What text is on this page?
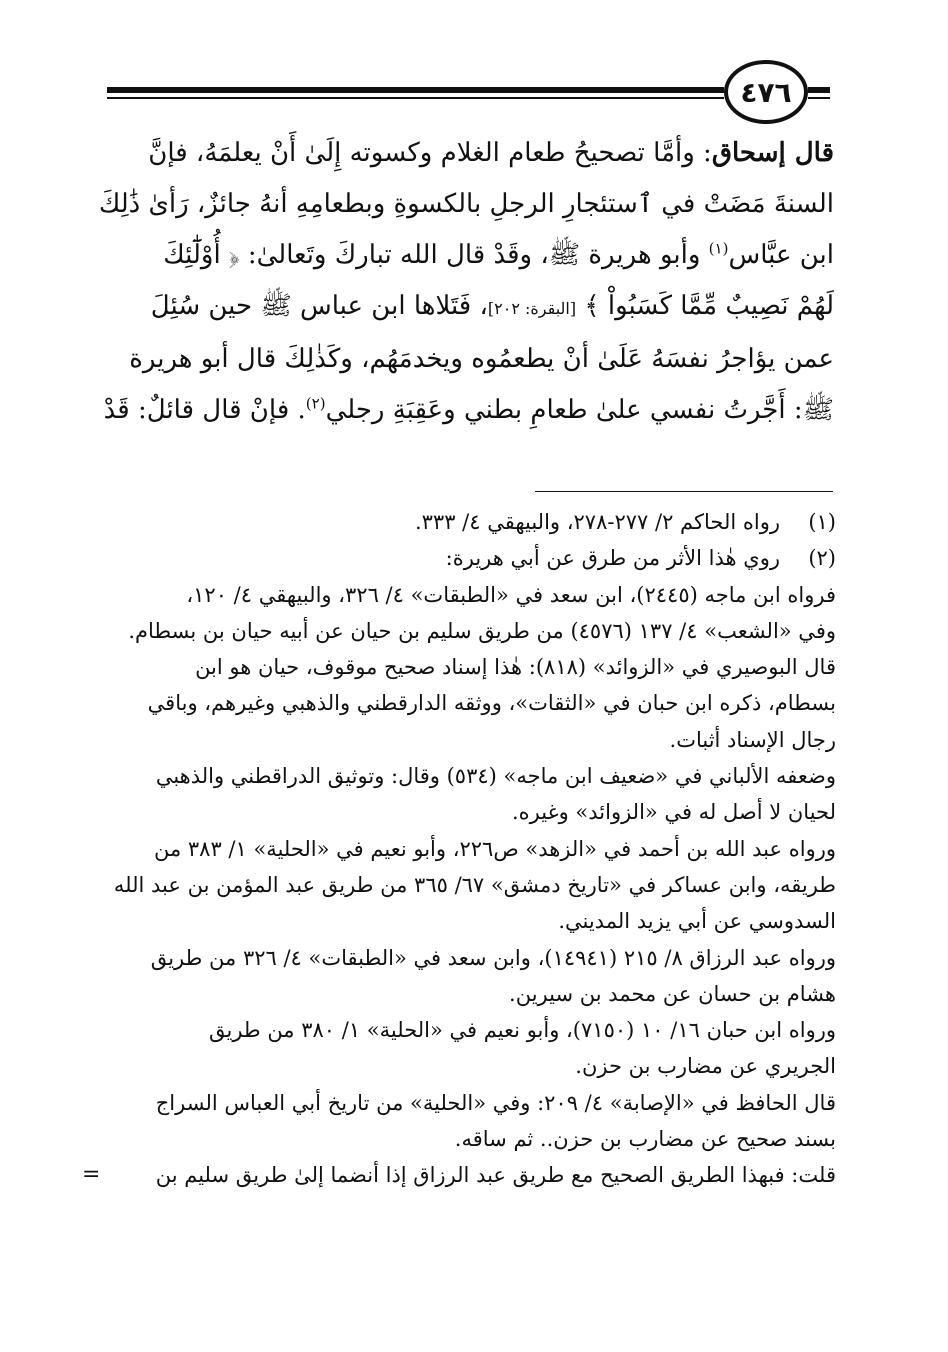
٤٧٦
قال إسحاق: وأمَّا تصحيحُ طعام الغلام وكسوته إِلَىٰ أَنْ يعلمَهُ، فإنَّ
السنةَ مَضَتْ في ٱستئجارِ الرجلِ بالكسوةِ وبطعامِهِ أنهُ جائزٌ، رَأىٰ ذَٰلِكَ
ابن عبَّاس$^{(١)}$ وأبو هريرة ﷺ، وقَدْ قال الله تباركَ وتَعالىٰ: ﴿ أُوْلَٰٓئِكَ
لَهُمْ نَصِيبٌ مِّمَّا كَسَبُواْ ﴾ [البقرة: ٢٠٢]، فَتَلاها ابن عباس ﷺ حين سُئِلَ
عمن يؤاجرُ نفسَهُ عَلَىٰ أنْ يطعمُوه ويخدمَهُم، وكَذٰلِكَ قال أبو هريرة
ﷺ: أَجَّرتُ نفسي علىٰ طعامِ بطني وعَقِبَةِ رجلي$^{(٢)}$. فإنْ قال قائلٌ: قَدْ
(١)
رواه الحاكم ٢/ ٢٧٧-٢٧٨، والبيهقي ٤/ ٣٣٣.
(٢)
روي هٰذا الأثر من طرق عن أبي هريرة:
فرواه ابن ماجه (٢٤٤٥)، ابن سعد في «الطبقات» ٤/ ٣٢٦، والبيهقي ٤/ ١٢٠،
وفي «الشعب» ٤/ ١٣٧ (٤٥٧٦) من طريق سليم بن حيان عن أبيه حيان بن بسطام.
قال البوصيري في «الزوائد» (٨١٨): هٰذا إسناد صحيح موقوف، حيان هو ابن
بسطام، ذكره ابن حبان في «الثقات»، ووثقه الدارقطني والذهبي وغيرهم، وباقي
رجال الإسناد أثبات.
وضعفه الألباني في «ضعيف ابن ماجه» (٥٣٤) وقال: وتوثيق الدراقطني والذهبي
لحيان لا أصل له في «الزوائد» وغيره.
ورواه عبد الله بن أحمد في «الزهد» ص٢٢٦، وأبو نعيم في «الحلية» ١/ ٣٨٣ من
طريقه، وابن عساكر في «تاريخ دمشق» ٦٧/ ٣٦٥ من طريق عبد المؤمن بن عبد الله
السدوسي عن أبي يزيد المديني.
ورواه عبد الرزاق ٨/ ٢١٥ (١٤٩٤١)، وابن سعد في «الطبقات» ٤/ ٣٢٦ من طريق
هشام بن حسان عن محمد بن سيرين.
ورواه ابن حبان ١٦/ ١٠ (٧١٥٠)، وأبو نعيم في «الحلية» ١/ ٣٨٠ من طريق
الجريري عن مضارب بن حزن.
قال الحافظ في «الإصابة» ٤/ ٢٠٩: وفي «الحلية» من تاريخ أبي العباس السراج
بسند صحيح عن مضارب بن حزن.. ثم ساقه.
قلت: فبهذا الطريق الصحيح مع طريق عبد الرزاق إذا أنضما إلىٰ طريق سليم بن
=
